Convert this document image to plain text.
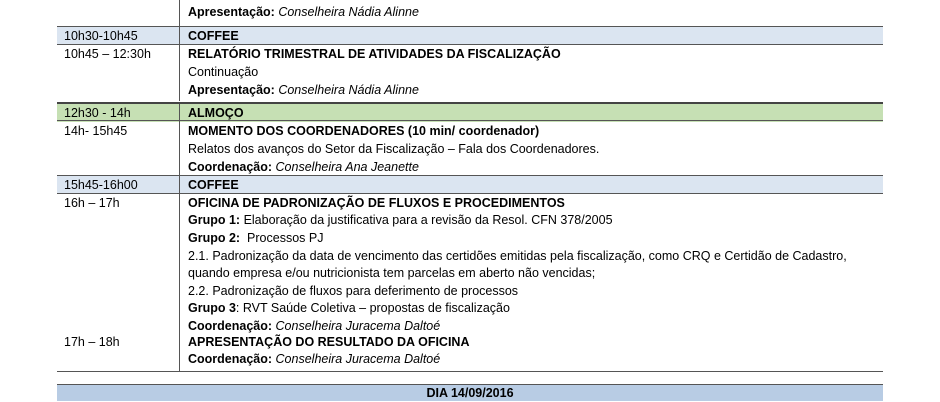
Apresentação: Conselheira Nádia Alinne
10h30-10h45	COFFEE
10h45 – 12:30h	RELATÓRIO TRIMESTRAL DE ATIVIDADES DA FISCALIZAÇÃO
Continuação
Apresentação: Conselheira Nádia Alinne
12h30 - 14h	ALMOÇO
14h- 15h45	MOMENTO DOS COORDENADORES (10 min/ coordenador)
Relatos dos avanços do Setor da Fiscalização – Fala dos Coordenadores.
Coordenação: Conselheira Ana Jeanette
15h45-16h00	COFFEE
16h – 17h	OFICINA DE PADRONIZAÇÃO DE FLUXOS E PROCEDIMENTOS
Grupo 1: Elaboração da justificativa para a revisão da Resol. CFN 378/2005
Grupo 2:  Processos PJ
2.1. Padronização da data de vencimento das certidões emitidas pela fiscalização, como CRQ e Certidão de Cadastro,
quando empresa e/ou nutricionista tem parcelas em aberto não vencidas;
2.2. Padronização de fluxos para deferimento de processos
Grupo 3: RVT Saúde Coletiva – propostas de fiscalização
Coordenação: Conselheira Juracema Daltoé
17h – 18h	APRESENTAÇÃO DO RESULTADO DA OFICINA
Coordenação: Conselheira Juracema Daltoé
DIA 14/09/2016
